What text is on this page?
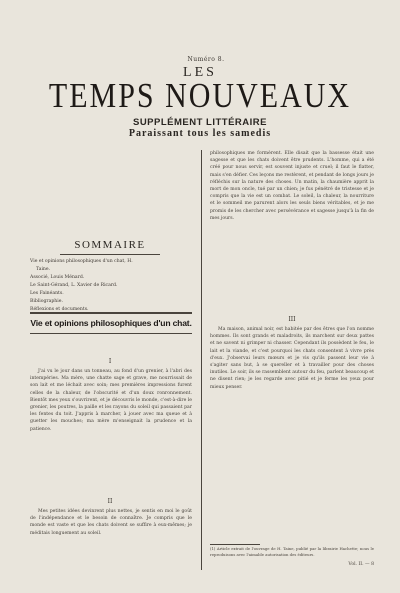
Numéro 8.
LES
TEMPS NOUVEAUX
SUPPLÉMENT LITTÉRAIRE
Paraissant tous les samedis
SOMMAIRE
Vie et opinions philosophiques d'un chat, H.
Taine.
Associé, Louis Ménard.
Le Saint-Gérand, L. Xavier de Ricard.
Les Fainéants.
Bibliographie.
Réflexions et documents.
Vie et opinions philosophiques d'un chat.
I

J'ai vu le jour dans un tonneau, au fond d'un grenier, à l'abri des intempéries. Ma mère, une chatte sage et grave, me nourrissait de son lait et me léchait avec soin; mes premières impressions furent celles de la chaleur, de l'obscurité et d'un doux ronronnement. Bientôt mes yeux s'ouvrirent, et je découvris le monde, c'est-à-dire le grenier, les poutres, la paille et les rayons du soleil qui passaient par les fentes du toit. J'appris à marcher, à jouer avec ma queue et à guetter les mouches; ma mère m'enseignait la prudence et la patience.

II

Mes petites idées devinrent plus nettes, je sentis en moi le goût de l'indépendance et le besoin de connaître. Je compris que le monde est vaste et que les chats doivent se suffire à eux-mêmes; je méditais longuement au soleil.

philosophiques me formèrent. Elle disait que la bassesse était une sagesse et que les chats doivent être prudents. L'homme, qui a été créé pour nous servir, est souvent injuste et cruel; il faut le flatter, mais s'en défier. Ces leçons me restèrent, et pendant de longs jours je réfléchis sur la nature des choses. Un matin, la chaumière apprit la mort de mon oncle, tué par un chien; je fus pénétré de tristesse et je compris que la vie est un combat. Le soleil, la chaleur, la nourriture et le sommeil me parurent alors les seuls biens véritables, et je me promis de les chercher avec persévérance et sagesse jusqu'à la fin de mes jours.

III

Ma maison, animal noir, est habitée par des êtres que l'on nomme hommes. Ils sont grands et maladroits, ils marchent sur deux pattes et ne savent ni grimper ni chasser. Cependant ils possèdent le feu, le lait et la viande, et c'est pourquoi les chats consentent à vivre près d'eux. J'observai leurs mœurs et je vis qu'ils passent leur vie à s'agiter sans but, à se quereller et à travailler pour des choses inutiles. Le soir, ils se rassemblent autour du feu, parlent beaucoup et ne disent rien; je les regarde avec pitié et je ferme les yeux pour mieux penser.

(1) Article extrait de l'ouvrage de H. Taine, publié par la librairie Hachette; nous le reproduisons avec l'aimable autorisation des éditeurs.
Vol. II. — 8
